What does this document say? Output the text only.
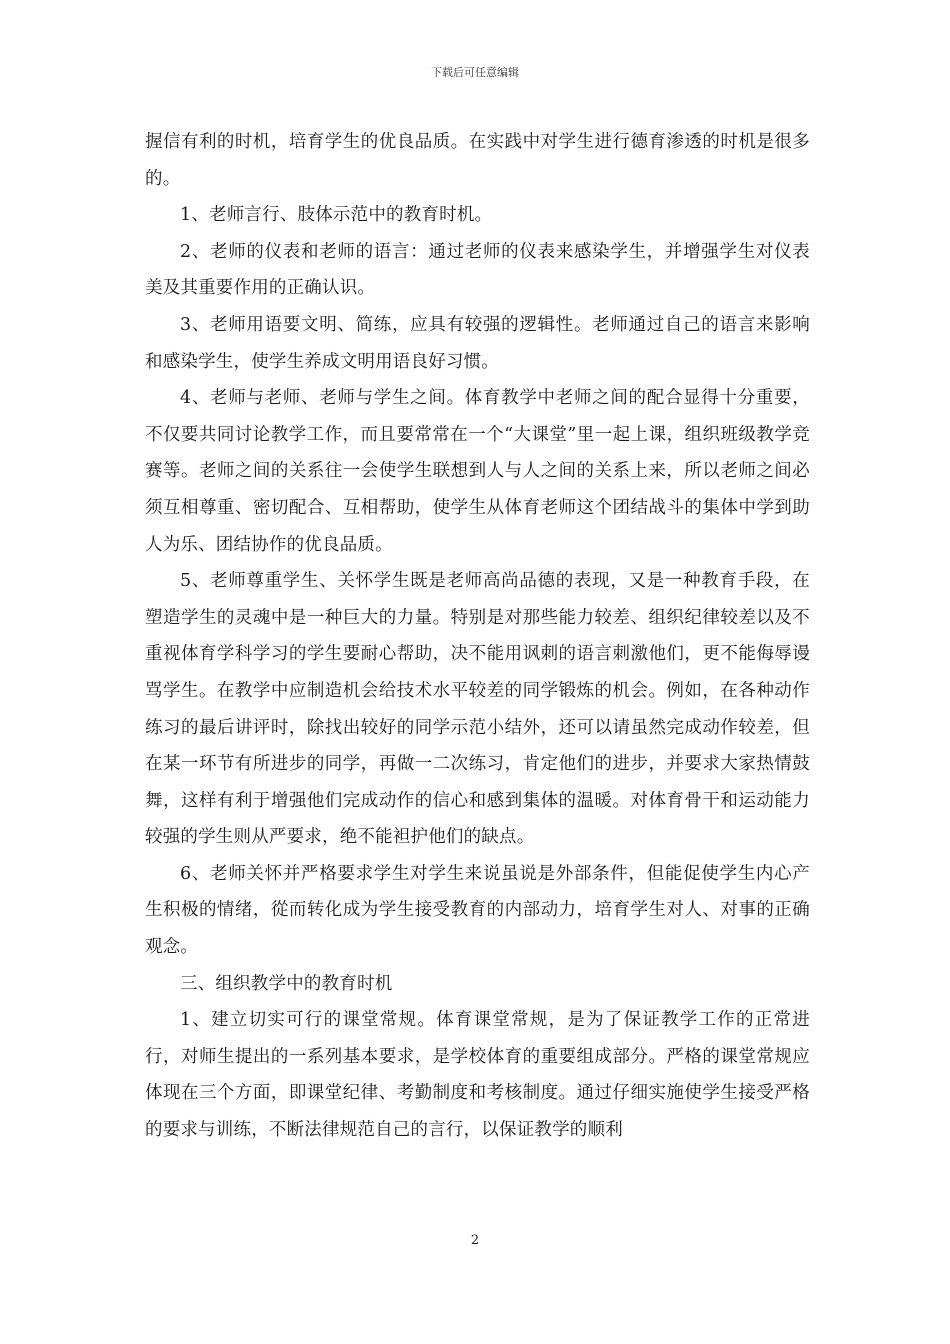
下载后可任意编辑

握信有利的时机，培育学生的优良品质。在实践中对学生进行德育渗透的时机是很多的。

1、老师言行、肢体示范中的教育时机。

2、老师的仪表和老师的语言：通过老师的仪表来感染学生，并增强学生对仪表美及其重要作用的正确认识。

3、老师用语要文明、简练，应具有较强的逻辑性。老师通过自己的语言来影响和感染学生，使学生养成文明用语良好习惯。

4、老师与老师、老师与学生之间。体育教学中老师之间的配合显得十分重要，不仅要共同讨论教学工作，而且要常常在一个“大课堂”里一起上课，组织班级教学竞赛等。老师之间的关系往一会使学生联想到人与人之间的关系上来，所以老师之间必须互相尊重、密切配合、互相帮助，使学生从体育老师这个团结战斗的集体中学到助人为乐、团结协作的优良品质。

5、老师尊重学生、关怀学生既是老师高尚品德的表现，又是一种教育手段，在塑造学生的灵魂中是一种巨大的力量。特别是对那些能力较差、组织纪律较差以及不重视体育学科学习的学生要耐心帮助，决不能用讽刺的语言刺激他们，更不能侮辱谩骂学生。在教学中应制造机会给技术水平较差的同学锻炼的机会。例如，在各种动作练习的最后讲评时，除找出较好的同学示范小结外，还可以请虽然完成动作较差，但在某一环节有所进步的同学，再做一二次练习，肯定他们的进步，并要求大家热情鼓舞，这样有利于增强他们完成动作的信心和感到集体的温暖。对体育骨干和运动能力较强的学生则从严要求，绝不能袒护他们的缺点。

6、老师关怀并严格要求学生对学生来说虽说是外部条件，但能促使学生内心产生积极的情绪，從而转化成为学生接受教育的内部动力，培育学生对人、对事的正确观念。

三、组织教学中的教育时机

1、建立切实可行的课堂常规。体育课堂常规，是为了保证教学工作的正常进行，对师生提出的一系列基本要求，是学校体育的重要组成部分。严格的课堂常规应体现在三个方面，即课堂纪律、考勤制度和考核制度。通过仔细实施使学生接受严格的要求与训练，不断法律规范自己的言行，以保证教学的顺利

2
